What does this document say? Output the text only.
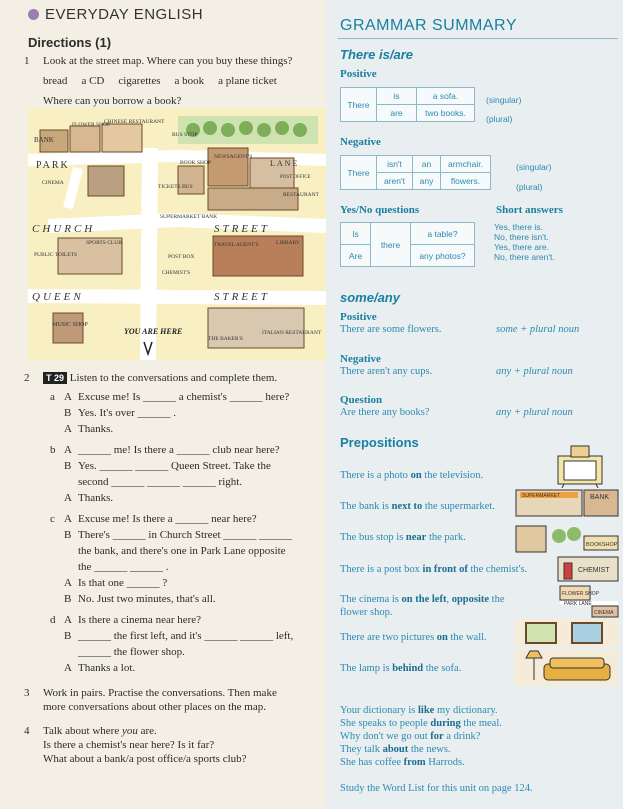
EVERYDAY ENGLISH
Directions (1)
1	Look at the street map. Where can you buy these things?
bread a CD cigarettes a book a plane ticket
Where can you borrow a book?
BANK
FLOWER SHOP
CHINESE RESTAURANT
BUS STOP
PARK
CINEMA
BOOK SHOP
NEWSAGENT'S
LANE
POST OFFICE
RESTAURANT
TICKETS BUS
SUPERMARKET BANK
CHURCH	STREET
SPORTS CLUB
PUBLIC TOILETS
LIBRARY
POST BOX
TRAVEL AGENT'S
CHEMIST'S
QUEEN	STREET
MUSIC SHOP
YOU ARE HERE
THE BAKER'S
ITALIAN RESTAURANT
2 T 29 Listen to the conversations and complete them.
a A Excuse me! Is ______ a chemist's ______ here?
B Yes. It's over ______ .
A Thanks.
b A ______ me! Is there a ______ club near here?
B Yes. ______ ______ Queen Street. Take the
second ______ ______ ______ right.
A Thanks.
c A Excuse me! Is there a ______ near here?
B There's ______ in Church Street ______ ______
the bank, and there's one in Park Lane opposite
the ______ ______ .
A Is that one ______ ?
B No. Just two minutes, that's all.
d A Is there a cinema near here?
B ______ the first left, and it's ______ ______ left,
______ the flower shop.
A Thanks a lot.
3 Work in pairs. Practise the conversations. Then make
more conversations about other places on the map.
4 Talk about where you are.
Is there a chemist's near here? Is it far?
What about a bank/a post office/a sports club?
GRAMMAR SUMMARY
There is/are
Positive
There	is	a sofa.
	are	two books.
(singular)
(plural)
Negative
There	isn't	an	armchair.
	aren't	any	flowers.
(singular)
(plural)
Yes/No questions	Short answers
Is	there	a table?
Are		any photos?
Yes, there is.
No, there isn't.
Yes, there are.
No, there aren't.
some/any
Positive
There are some flowers.	some + plural noun
Negative
There aren't any cups.	any + plural noun
Question
Are there any books?	any + plural noun
Prepositions
There is a photo on the television.
The bank is next to the supermarket.
The bus stop is near the park.
There is a post box in front of the chemist's.
The cinema is on the left, opposite the flower shop.
There are two pictures on the wall.
The lamp is behind the sofa.
SUPERMARKET	BANK
BOOKSHOP
CHEMIST
FLOWER SHOP
PARK LANE
CINEMA
Your dictionary is like my dictionary.
She speaks to people during the meal.
Why don't we go out for a drink?
They talk about the news.
She has coffee from Harrods.
Study the Word List for this unit on page 124.
